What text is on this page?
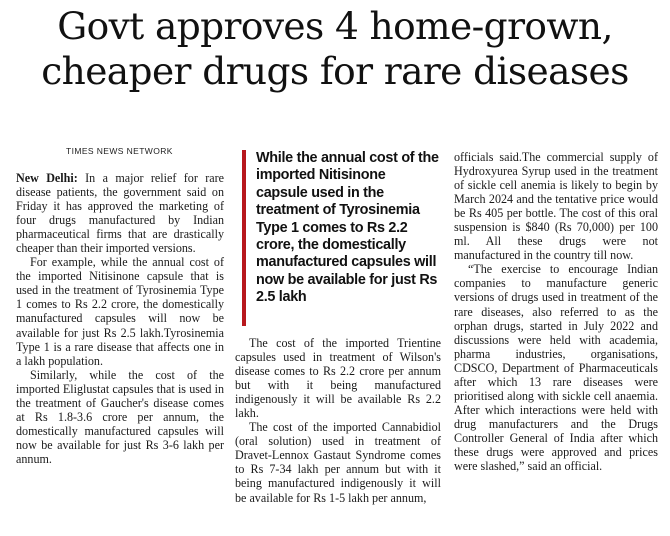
Govt approves 4 home-grown,
cheaper drugs for rare diseases
TIMES NEWS NETWORK

New Delhi: In a major relief for rare disease patients, the government said on Friday it has approved the marketing of four drugs manufactured by Indian pharmaceutical firms that are drastically cheaper than their imported versions.

For example, while the annual cost of the imported Nitisinone capsule that is used in the treatment of Tyrosinemia Type 1 comes to Rs 2.2 crore, the domestically manufactured capsules will now be available for just Rs 2.5 lakh.Tyrosinemia Type 1 is a rare disease that affects one in a lakh population.

Similarly, while the cost of the imported Eliglustat capsules that is used in the treatment of Gaucher's disease comes at Rs 1.8-3.6 crore per annum, the domestically manufactured capsules will now be available for just Rs 3-6 lakh per annum.

While the annual cost of the imported Nitisinone capsule used in the treatment of Tyrosinemia Type 1 comes to Rs 2.2 crore, the domestically manufactured capsules will now be available for just Rs 2.5 lakh

The cost of the imported Trientine capsules used in treatment of Wilson's disease comes to Rs 2.2 crore per annum but with it being manufactured indigenously it will be available Rs 2.2 lakh.

The cost of the imported Cannabidiol (oral solution) used in treatment of Dravet-Lennox Gastaut Syndrome comes to Rs 7-34 lakh per annum but with it being manufactured indigenously it will be available for Rs 1-5 lakh per annum,

officials said.The commercial supply of Hydroxyurea Syrup used in the treatment of sickle cell anemia is likely to begin by March 2024 and the tentative price would be Rs 405 per bottle. The cost of this oral suspension is $840 (Rs 70,000) per 100 ml. All these drugs were not manufactured in the country till now.

“The exercise to encourage Indian companies to manufacture generic versions of drugs used in treatment of the rare diseases, also referred to as the orphan drugs, started in July 2022 and discussions were held with academia, pharma industries, organisations, CDSCO, Department of Pharmaceuticals after which 13 rare diseases were prioritised along with sickle cell anaemia. After which interactions were held with drug manufacturers and the Drugs Controller General of India after which these drugs were approved and prices were slashed,” said an official.
